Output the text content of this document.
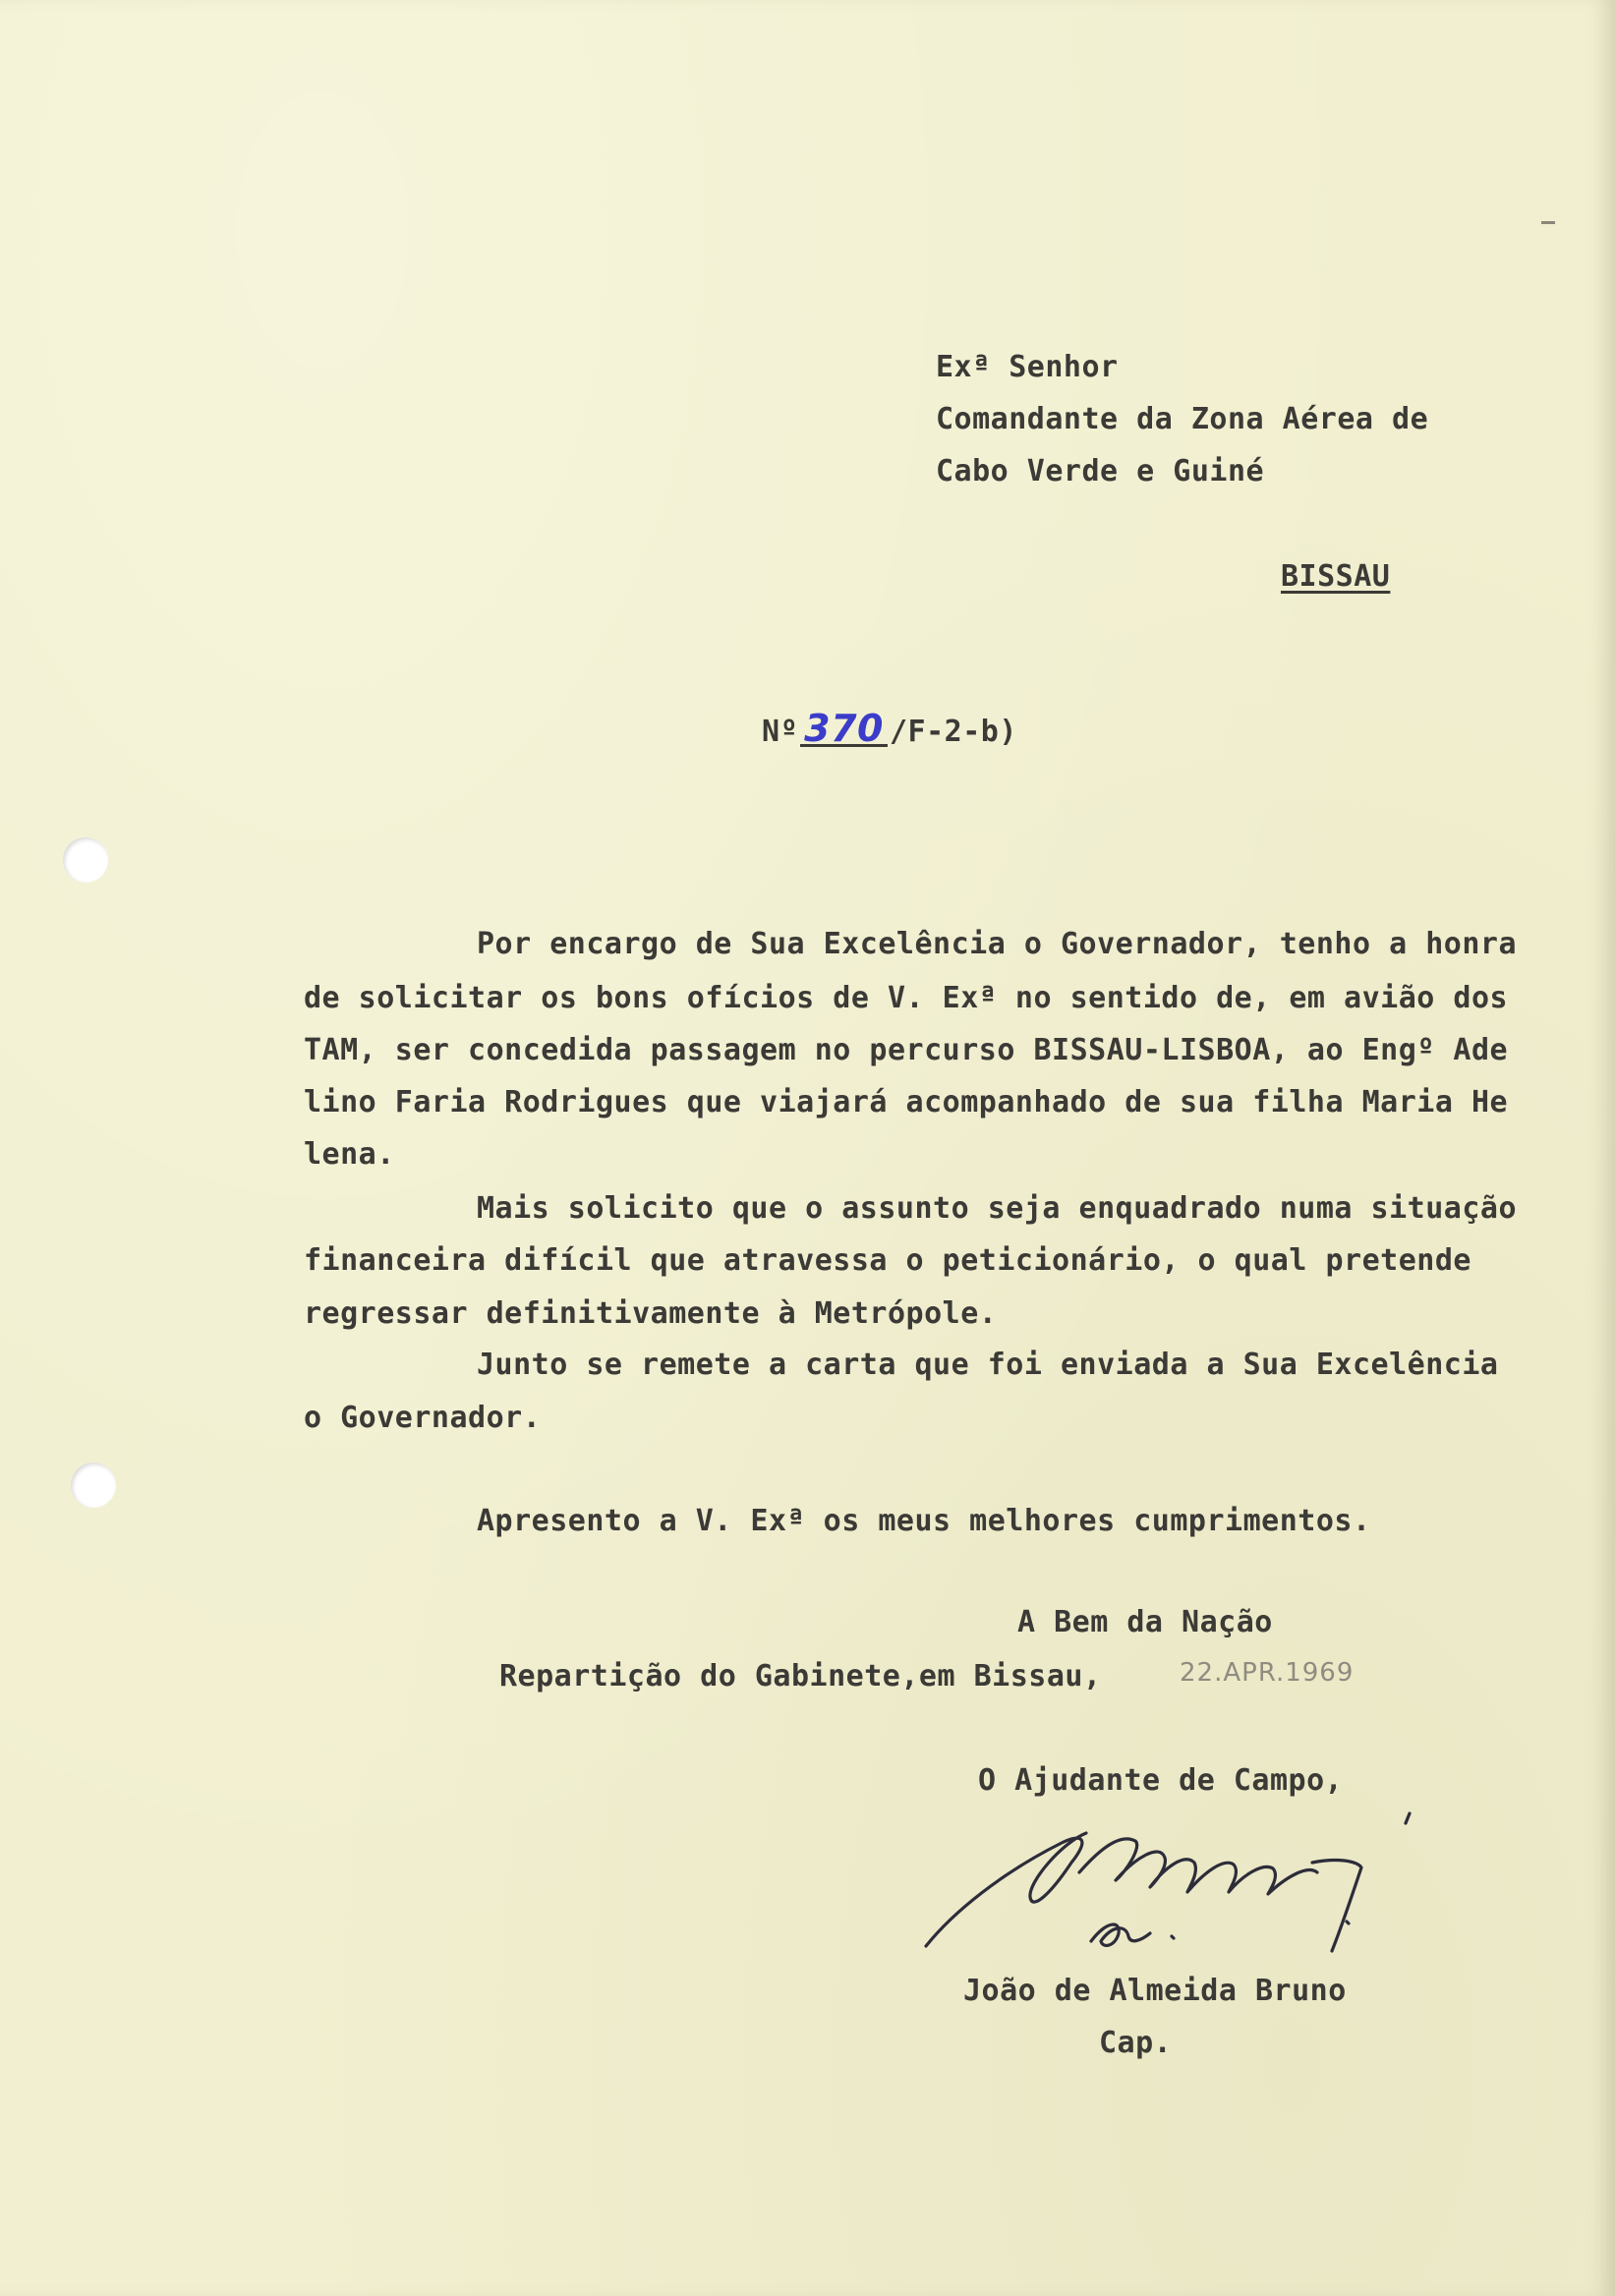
Exª Senhor
Comandante da Zona Aérea de
Cabo Verde e Guiné
BISSAU
Nº 370 /F-2-b)
Por encargo de Sua Excelência o Governador, tenho a honra
de solicitar os bons ofícios de V. Exª no sentido de, em avião dos
TAM, ser concedida passagem no percurso BISSAU-LISBOA, ao Engº Ade
lino Faria Rodrigues que viajará acompanhado de sua filha Maria He
lena.
Mais solicito que o assunto seja enquadrado numa situação
financeira difícil que atravessa o peticionário, o qual pretende
regressar definitivamente à Metrópole.
Junto se remete a carta que foi enviada a Sua Excelência
o Governador.
Apresento a V. Exª os meus melhores cumprimentos.
A Bem da Nação
Repartição do Gabinete,em Bissau,	22.APR.1969
O Ajudante de Campo,
João de Almeida Bruno
Cap.
